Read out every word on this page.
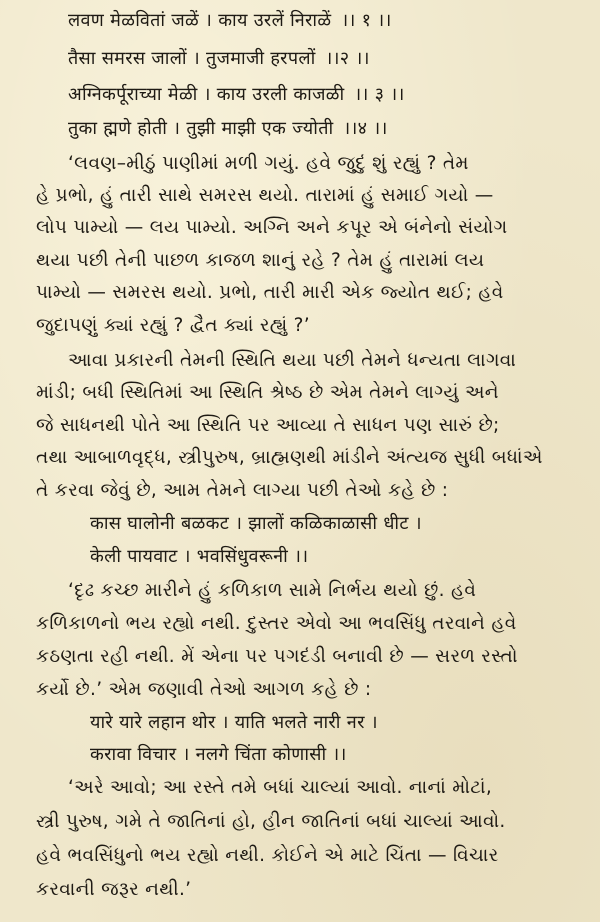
लवण मेळवितां जळें । काय उरलें निराळें ।। १ ।।
तैसा समरस जालों । तुजमाजी हरपलों ।।२ ।।
अग्निकर्पूराच्या मेळी । काय उरली काजळी ।। ३ ।।
तुका ह्मणे होती । तुझी माझी एक ज्योती ।।४ ।।
‘લવણ–મીઠું પાણીમાં મળી ગયું. હવે જુદું શું રહ્યું ? તેમ
હે પ્રભો, હું તારી સાથે સમરસ થયો. તારામાં હું સમાઈ ગયો —
લોપ પામ્યો — લય પામ્યો. અગ્નિ અને કપૂર એ બંનેનો સંયોગ
થયા પછી તેની પાછળ કાજળ શાનું રહે ? તેમ હું તારામાં લય
પામ્યો — સમરસ થયો. પ્રભો, તારી મારી એક જ્યોત થઈ; હવે
જુદાપણું ક્યાં રહ્યું ? દ્વૈત ક્યાં રહ્યું ?’
આવા પ્રકારની તેમની સ્થિતિ થયા પછી તેમને ધન્યતા લાગવા
માંડી; બધી સ્થિતિમાં આ સ્થિતિ શ્રેષ્ઠ છે એમ તેમને લાગ્યું અને
જે સાધનથી પોતે આ સ્થિતિ પર આવ્યા તે સાધન પણ સારું છે;
તથા આબાળવૃદ્ધ, સ્ત્રીપુરુષ, બ્રાહ્મણથી માંડીને અંત્યજ સુધી બધાંએ
તે કરવા જેવું છે, આમ તેમને લાગ્યા પછી તેઓ કહે છે :
कास घालोनी बळकट । झालों कळिकाळासी धीट ।
केली पायवाट । भवसिंधुवरूनी ।।
‘દૃઢ કચ્છ મારીને હું કળિકાળ સામે નિર્ભય થયો છું. હવે
કળિકાળનો ભય રહ્યો નથી. દુસ્તર એવો આ ભવસિંધુ તરવાને હવે
કઠણતા રહી નથી. મેં એના પર પગદંડી બનાવી છે — સરળ રસ્તો
કર્યો છે.’ એમ જણાવી તેઓ આગળ કહે છે :
यारे यारे लहान थोर । याति भलते नारी नर ।
करावा विचार । नलगे चिंता कोणासी ।।
‘અરે આવો; આ રસ્તે તમે બધાં ચાલ્યાં આવો. નાનાં મોટાં,
સ્ત્રી પુરુષ, ગમે તે જાતિનાં હો, હીન જાતિનાં બધાં ચાલ્યાં આવો.
હવે ભવસિંધુનો ભય રહ્યો નથી. કોઈને એ માટે ચિંતા — વિચાર
કરવાની જરૂર નથી.’
